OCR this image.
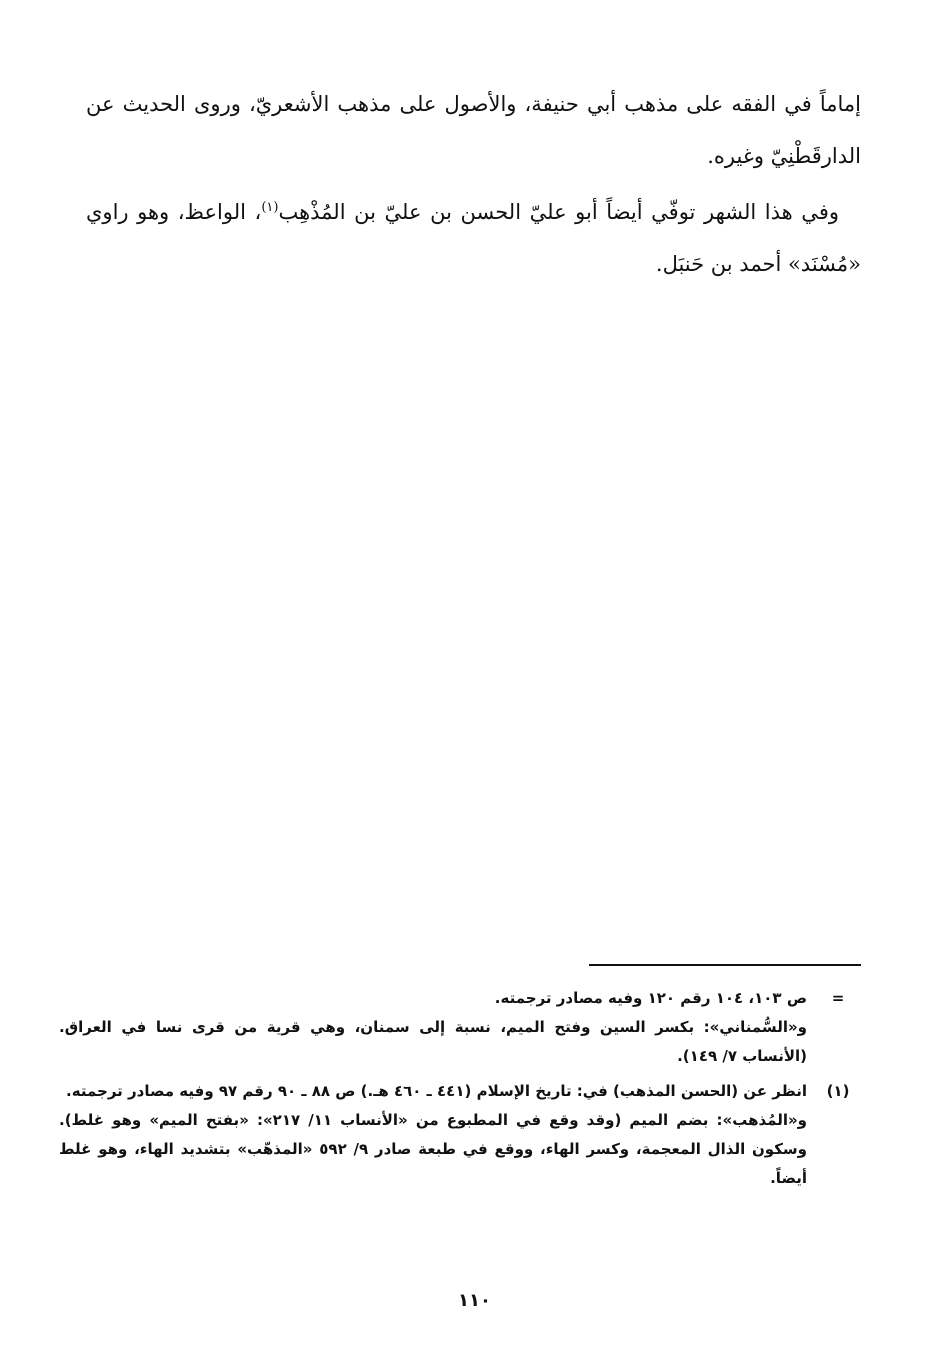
إماماً في الفقه على مذهب أبي حنيفة، والأصول على مذهب الأشعريّ، وروى الحديث عن الدارقَطْنِيّ وغيره.

وفي هذا الشهر توفّي أيضاً أبو عليّ الحسن بن عليّ بن المُذْهِب$^{(١)}$، الواعظ، وهو راوي «مُسْنَد» أحمد بن حَنبَل.

=

ص ١٠٣، ١٠٤ رقم ١٢٠ وفيه مصادر ترجمته.

و«السُّمناني»: بكسر السين وفتح الميم، نسبة إلى سمنان، وهي قرية من قرى نسا في العراق. (الأنساب ٧/ ١٤٩).

(١)

انظر عن (الحسن المذهب) في: تاريخ الإسلام (٤٤١ ـ ٤٦٠ هـ.) ص ٨٨ ـ ٩٠ رقم ٩٧ وفيه مصادر ترجمته.

و«المُذهب»: بضم الميم (وقد وقع في المطبوع من «الأنساب ١١/ ٢١٧»: «بفتح الميم» وهو غلط). وسكون الذال المعجمة، وكسر الهاء، ووقع في طبعة صادر ٩/ ٥٩٢ «المذهّب» بتشديد الهاء، وهو غلط أيضاً.

١١٠
